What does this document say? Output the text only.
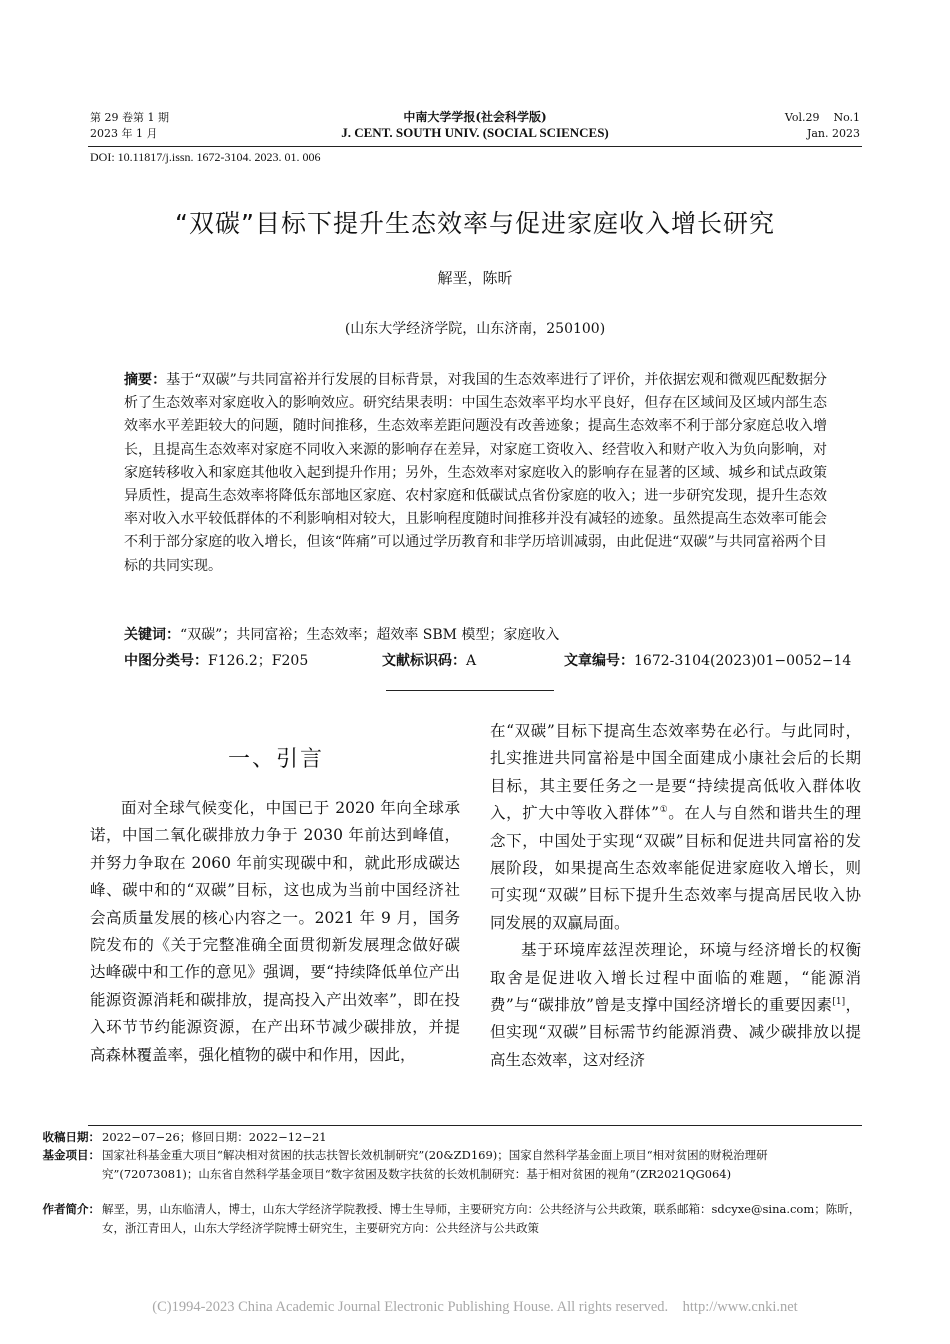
第 29 卷第 1 期
2023 年 1 月
中南大学学报(社会科学版)
J. CENT. SOUTH UNIV. (SOCIAL SCIENCES)
Vol.29    No.1
Jan. 2023
DOI: 10.11817/j.issn. 1672-3104. 2023. 01. 006
“双碳”目标下提升生态效率与促进家庭收入增长研究
解垩，陈昕
(山东大学经济学院，山东济南，250100)
摘要：基于“双碳”与共同富裕并行发展的目标背景，对我国的生态效率进行了评价，并依据宏观和微观匹配数据分析了生态效率对家庭收入的影响效应。研究结果表明：中国生态效率平均水平良好，但存在区域间及区域内部生态效率水平差距较大的问题，随时间推移，生态效率差距问题没有改善迹象；提高生态效率不利于部分家庭总收入增长，且提高生态效率对家庭不同收入来源的影响存在差异，对家庭工资收入、经营收入和财产收入为负向影响，对家庭转移收入和家庭其他收入起到提升作用；另外，生态效率对家庭收入的影响存在显著的区域、城乡和试点政策异质性，提高生态效率将降低东部地区家庭、农村家庭和低碳试点省份家庭的收入；进一步研究发现，提升生态效率对收入水平较低群体的不利影响相对较大，且影响程度随时间推移并没有减轻的迹象。虽然提高生态效率可能会不利于部分家庭的收入增长，但该“阵痛”可以通过学历教育和非学历培训减弱，由此促进“双碳”与共同富裕两个目标的共同实现。
关键词：“双碳”；共同富裕；生态效率；超效率 SBM 模型；家庭收入
中图分类号：F126.2；F205	文献标识码：A	文章编号：1672-3104(2023)01−0052−14
一、引言

面对全球气候变化，中国已于 2020 年向全球承诺，中国二氧化碳排放力争于 2030 年前达到峰值，并努力争取在 2060 年前实现碳中和，就此形成碳达峰、碳中和的“双碳”目标，这也成为当前中国经济社会高质量发展的核心内容之一。2021 年 9 月，国务院发布的《关于完整准确全面贯彻新发展理念做好碳达峰碳中和工作的意见》强调，要“持续降低单位产出能源资源消耗和碳排放，提高投入产出效率”，即在投入环节节约能源资源，在产出环节减少碳排放，并提高森林覆盖率，强化植物的碳中和作用，因此，

在“双碳”目标下提高生态效率势在必行。与此同时，扎实推进共同富裕是中国全面建成小康社会后的长期目标，其主要任务之一是要“持续提高低收入群体收入，扩大中等收入群体”①。在人与自然和谐共生的理念下，中国处于实现“双碳”目标和促进共同富裕的发展阶段，如果提高生态效率能促进家庭收入增长，则可实现“双碳”目标下提升生态效率与提高居民收入协同发展的双赢局面。

基于环境库兹涅茨理论，环境与经济增长的权衡取舍是促进收入增长过程中面临的难题，“能源消费”与“碳排放”曾是支撑中国经济增长的重要因素[1]，但实现“双碳”目标需节约能源消费、减少碳排放以提高生态效率，这对经济

收稿日期： 2022−07−26；修回日期：2022−12−21
基金项目： 国家社科基金重大项目“解决相对贫困的扶志扶智长效机制研究”(20&ZD169)；国家自然科学基金面上项目“相对贫困的财税治理研究”(72073081)；山东省自然科学基金项目“数字贫困及数字扶贫的长效机制研究：基于相对贫困的视角”(ZR2021QG064)
作者简介： 解垩，男，山东临清人，博士，山东大学经济学院教授、博士生导师，主要研究方向：公共经济与公共政策，联系邮箱：sdcyxe@sina.com；陈昕，女，浙江青田人，山东大学经济学院博士研究生，主要研究方向：公共经济与公共政策
(C)1994-2023 China Academic Journal Electronic Publishing House. All rights reserved.    http://www.cnki.net
